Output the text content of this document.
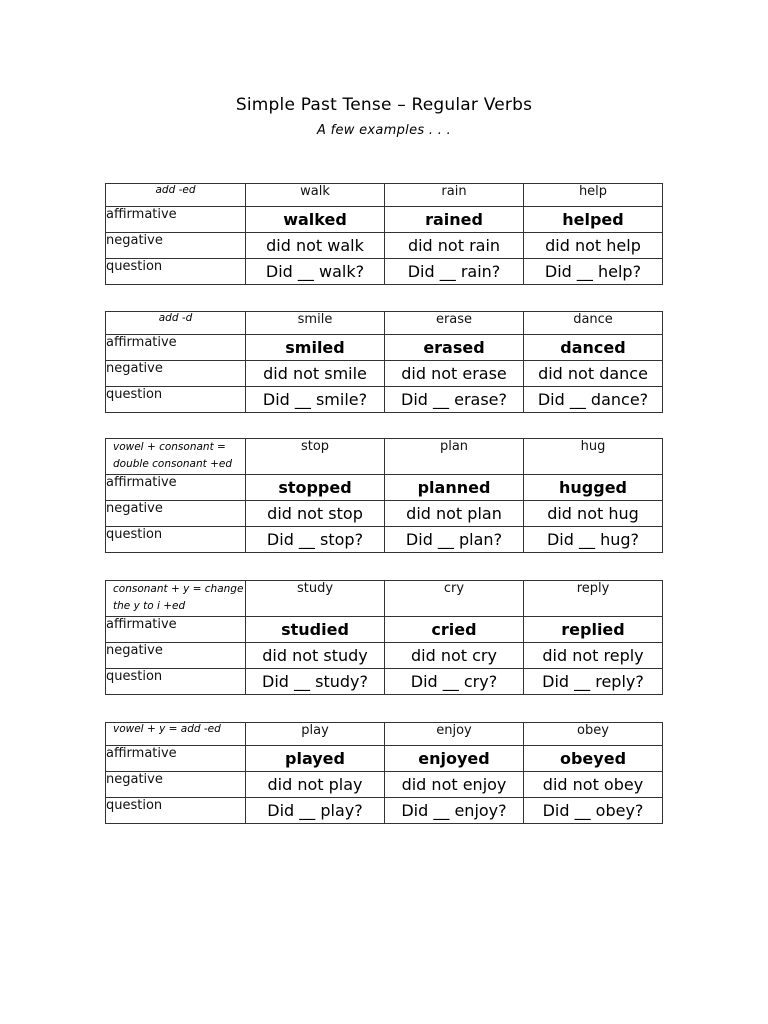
Simple Past Tense – Regular Verbs
A few examples . . .
add -ed	walk	rain	help
affirmative	walked	rained	helped
negative	did not walk	did not rain	did not help
question	Did __ walk?	Did __ rain?	Did __ help?
add -d	smile	erase	dance
affirmative	smiled	erased	danced
negative	did not smile	did not erase	did not dance
question	Did __ smile?	Did __ erase?	Did __ dance?
vowel + consonant = double consonant +ed	stop	plan	hug
affirmative	stopped	planned	hugged
negative	did not stop	did not plan	did not hug
question	Did __ stop?	Did __ plan?	Did __ hug?
consonant + y = change the y to i +ed	study	cry	reply
affirmative	studied	cried	replied
negative	did not study	did not cry	did not reply
question	Did __ study?	Did __ cry?	Did __ reply?
vowel + y = add -ed	play	enjoy	obey
affirmative	played	enjoyed	obeyed
negative	did not play	did not enjoy	did not obey
question	Did __ play?	Did __ enjoy?	Did __ obey?
